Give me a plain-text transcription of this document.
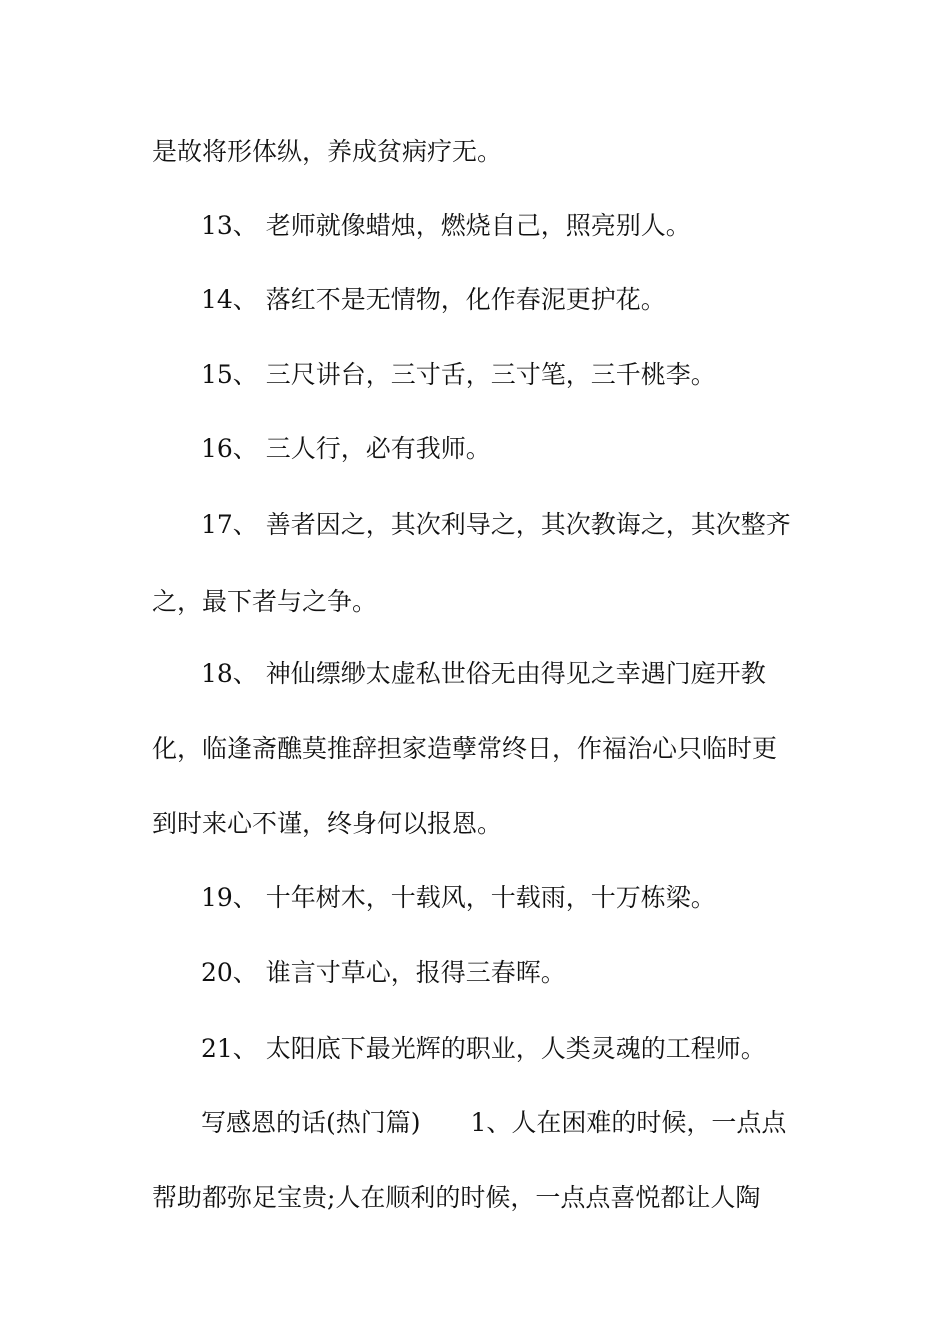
是故将形体纵，养成贫病疗无。
13、 老师就像蜡烛，燃烧自己，照亮别人。
14、 落红不是无情物，化作春泥更护花。
15、 三尺讲台，三寸舌，三寸笔，三千桃李。
16、 三人行，必有我师。
17、 善者因之，其次利导之，其次教诲之，其次整齐
之，最下者与之争。
18、 神仙缥缈太虚私世俗无由得见之幸遇门庭开教
化，临逢斋醮莫推辞担家造孽常终日，作福治心只临时更
到时来心不谨，终身何以报恩。
19、 十年树木，十载风，十载雨，十万栋梁。
20、 谁言寸草心，报得三春晖。
21、 太阳底下最光辉的职业，人类灵魂的工程师。
写感恩的话(热门篇)　　1、人在困难的时候，一点点
帮助都弥足宝贵;人在顺利的时候，一点点喜悦都让人陶
